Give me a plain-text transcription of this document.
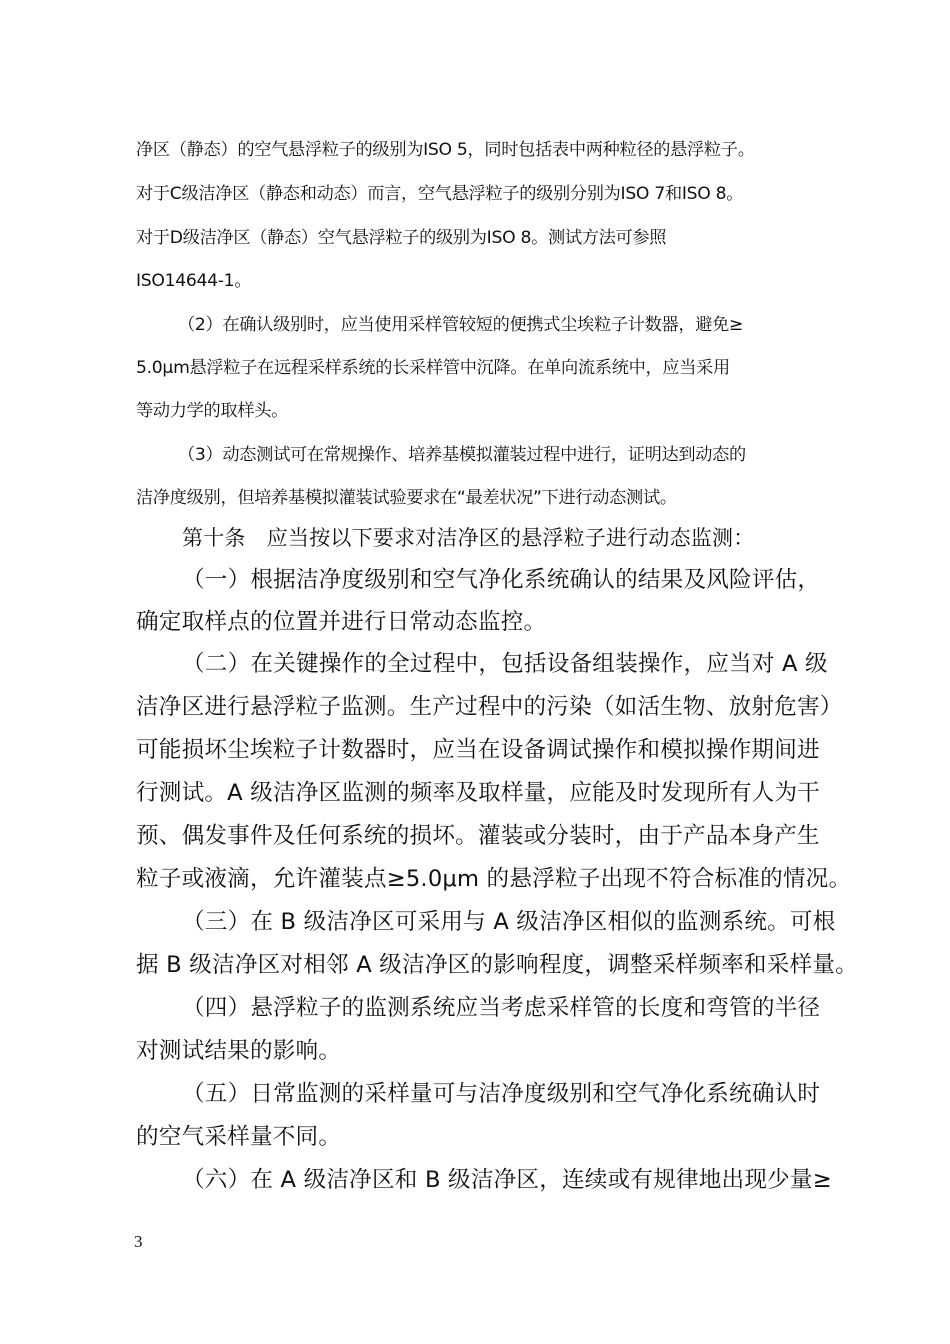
净区（静态）的空气悬浮粒子的级别为ISO 5，同时包括表中两种粒径的悬浮粒子。
对于C级洁净区（静态和动态）而言，空气悬浮粒子的级别分别为ISO 7和ISO 8。
对于D级洁净区（静态）空气悬浮粒子的级别为ISO 8。测试方法可参照
ISO14644-1。
（2）在确认级别时，应当使用采样管较短的便携式尘埃粒子计数器，避免≥
5.0μm悬浮粒子在远程采样系统的长采样管中沉降。在单向流系统中，应当采用
等动力学的取样头。
（3）动态测试可在常规操作、培养基模拟灌装过程中进行，证明达到动态的
洁净度级别，但培养基模拟灌装试验要求在“最差状况”下进行动态测试。
第十条　应当按以下要求对洁净区的悬浮粒子进行动态监测：
（一）根据洁净度级别和空气净化系统确认的结果及风险评估，
确定取样点的位置并进行日常动态监控。
（二）在关键操作的全过程中，包括设备组装操作，应当对 A 级
洁净区进行悬浮粒子监测。生产过程中的污染（如活生物、放射危害）
可能损坏尘埃粒子计数器时，应当在设备调试操作和模拟操作期间进
行测试。A 级洁净区监测的频率及取样量，应能及时发现所有人为干
预、偶发事件及任何系统的损坏。灌装或分装时，由于产品本身产生
粒子或液滴，允许灌装点≥5.0μm 的悬浮粒子出现不符合标准的情况。
（三）在 B 级洁净区可采用与 A 级洁净区相似的监测系统。可根
据 B 级洁净区对相邻 A 级洁净区的影响程度，调整采样频率和采样量。
（四）悬浮粒子的监测系统应当考虑采样管的长度和弯管的半径
对测试结果的影响。
（五）日常监测的采样量可与洁净度级别和空气净化系统确认时
的空气采样量不同。
（六）在 A 级洁净区和 B 级洁净区，连续或有规律地出现少量≥
3
